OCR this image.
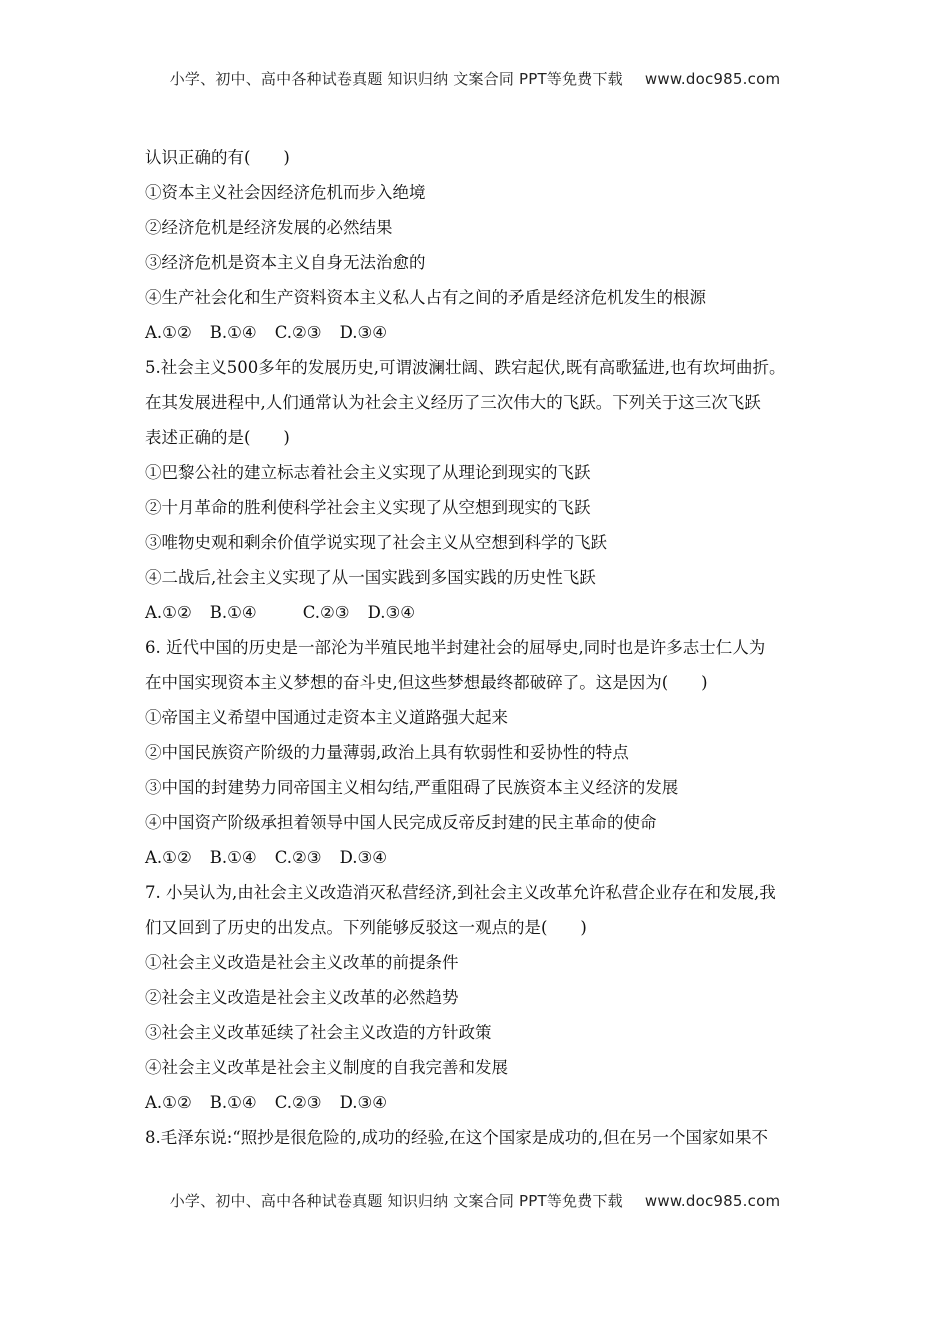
小学、初中、高中各种试卷真题 知识归纳 文案合同 PPT等免费下载 www.doc985.com
认识正确的有(　　)
①资本主义社会因经济危机而步入绝境
②经济危机是经济发展的必然结果
③经济危机是资本主义自身无法治愈的
④生产社会化和生产资料资本主义私人占有之间的矛盾是经济危机发生的根源
A.①② B.①④ C.②③ D.③④
5.社会主义500多年的发展历史,可谓波澜壮阔、跌宕起伏,既有高歌猛进,也有坎坷曲折。
在其发展进程中,人们通常认为社会主义经历了三次伟大的飞跃。下列关于这三次飞跃
表述正确的是(　　)
①巴黎公社的建立标志着社会主义实现了从理论到现实的飞跃
②十月革命的胜利使科学社会主义实现了从空想到现实的飞跃
③唯物史观和剩余价值学说实现了社会主义从空想到科学的飞跃
④二战后,社会主义实现了从一国实践到多国实践的历史性飞跃
A.①② B.①④	C.②③ D.③④
6. 近代中国的历史是一部沦为半殖民地半封建社会的屈辱史,同时也是许多志士仁人为
在中国实现资本主义梦想的奋斗史,但这些梦想最终都破碎了。这是因为(　　)
①帝国主义希望中国通过走资本主义道路强大起来
②中国民族资产阶级的力量薄弱,政治上具有软弱性和妥协性的特点
③中国的封建势力同帝国主义相勾结,严重阻碍了民族资本主义经济的发展
④中国资产阶级承担着领导中国人民完成反帝反封建的民主革命的使命
A.①② B.①④ C.②③ D.③④
7. 小吴认为,由社会主义改造消灭私营经济,到社会主义改革允许私营企业存在和发展,我
们又回到了历史的出发点。下列能够反驳这一观点的是(　　)
①社会主义改造是社会主义改革的前提条件
②社会主义改造是社会主义改革的必然趋势
③社会主义改革延续了社会主义改造的方针政策
④社会主义改革是社会主义制度的自我完善和发展
A.①② B.①④ C.②③ D.③④
8.毛泽东说:“照抄是很危险的,成功的经验,在这个国家是成功的,但在另一个国家如果不
小学、初中、高中各种试卷真题 知识归纳 文案合同 PPT等免费下载 www.doc985.com
